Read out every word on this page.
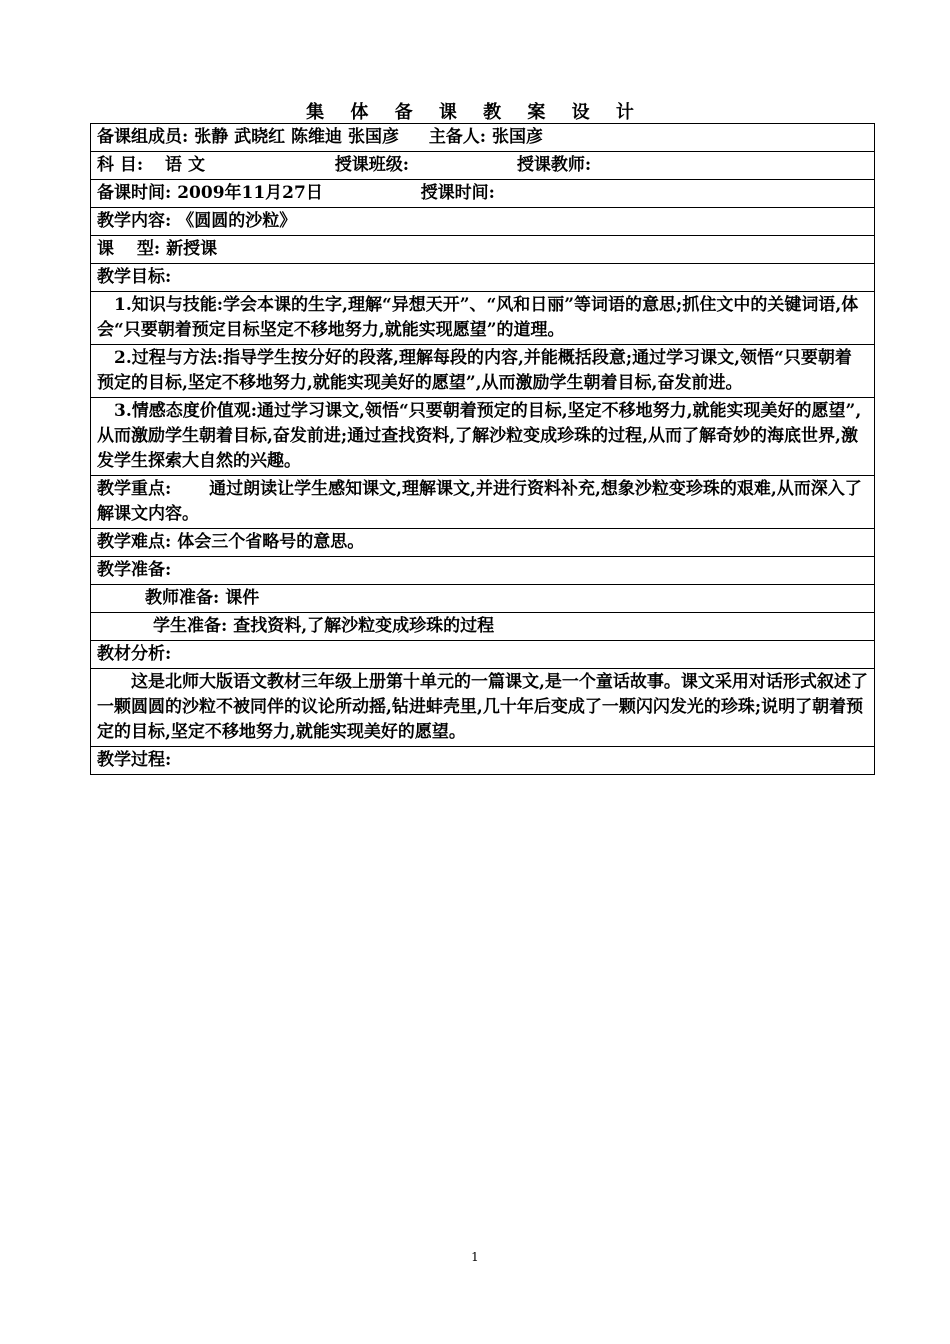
集 体 备 课 教 案 设 计
备课组成员: 张静 武晓红 陈维迪 张国彦 主备人: 张国彦
科 目: 语 文	授课班级:	授课教师:
备课时间: 2009年11月27日	授课时间:
教学内容: 《圆圆的沙粒》
课　 型: 新授课
教学目标:
1.知识与技能:学会本课的生字,理解“异想天开”、“风和日丽”等词语的意思;抓住文中的关键词语,体会“只要朝着预定目标坚定不移地努力,就能实现愿望”的道理。
2.过程与方法:指导学生按分好的段落,理解每段的内容,并能概括段意;通过学习课文,领悟“只要朝着预定的目标,坚定不移地努力,就能实现美好的愿望”,从而激励学生朝着目标,奋发前进。
3.情感态度价值观:通过学习课文,领悟“只要朝着预定的目标,坚定不移地努力,就能实现美好的愿望”,从而激励学生朝着目标,奋发前进;通过查找资料,了解沙粒变成珍珠的过程,从而了解奇妙的海底世界,激发学生探索大自然的兴趣。
教学重点: 通过朗读让学生感知课文,理解课文,并进行资料补充,想象沙粒变珍珠的艰难,从而深入了解课文内容。
教学难点: 体会三个省略号的意思。
教学准备:
教师准备: 课件
学生准备: 查找资料,了解沙粒变成珍珠的过程
教材分析:
这是北师大版语文教材三年级上册第十单元的一篇课文,是一个童话故事。课文采用对话形式叙述了一颗圆圆的沙粒不被同伴的议论所动摇,钻进蚌壳里,几十年后变成了一颗闪闪发光的珍珠;说明了朝着预定的目标,坚定不移地努力,就能实现美好的愿望。
教学过程:
1
